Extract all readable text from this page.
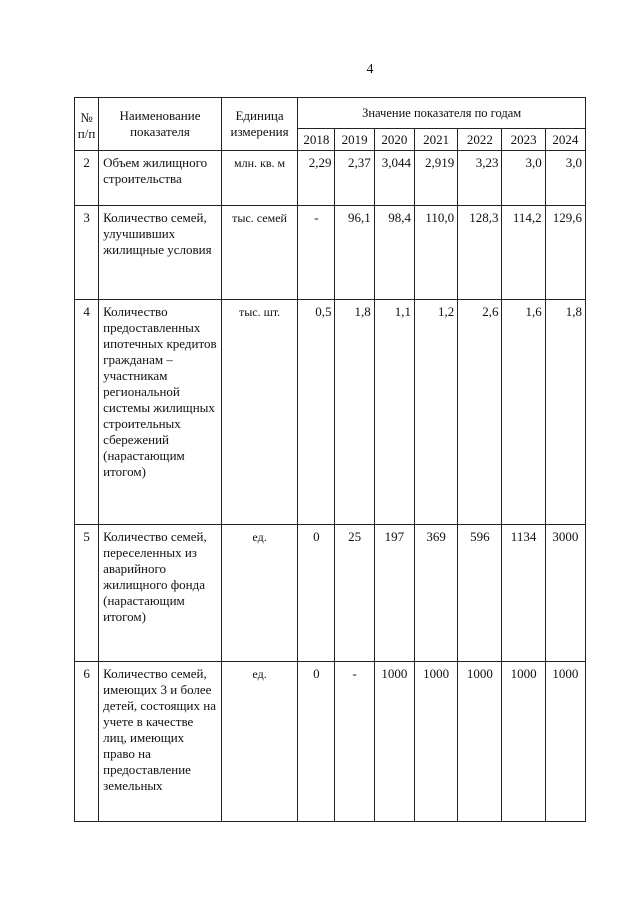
4
№ п/п	Наименование показателя	Единица измерения	Значение показателя по годам						
			2018	2019	2020	2021	2022	2023	2024
2	Объем жилищного строительства	млн. кв. м	2,29	2,37	3,044	2,919	3,23	3,0	3,0
3	Количество семей, улучшивших жилищные условия	тыс. семей	-	96,1	98,4	110,0	128,3	114,2	129,6
4	Количество предоставленных ипотечных кредитов гражданам – участникам региональной системы жилищных строительных сбережений (нарастающим итогом)	тыс. шт.	0,5	1,8	1,1	1,2	2,6	1,6	1,8
5	Количество семей, переселенных из аварийного жилищного фонда (нарастающим итогом)	ед.	0	25	197	369	596	1134	3000
6	Количество семей, имеющих 3 и более детей, состоящих на учете в качестве лиц, имеющих право на предоставление земельных	ед.	0	-	1000	1000	1000	1000	1000
